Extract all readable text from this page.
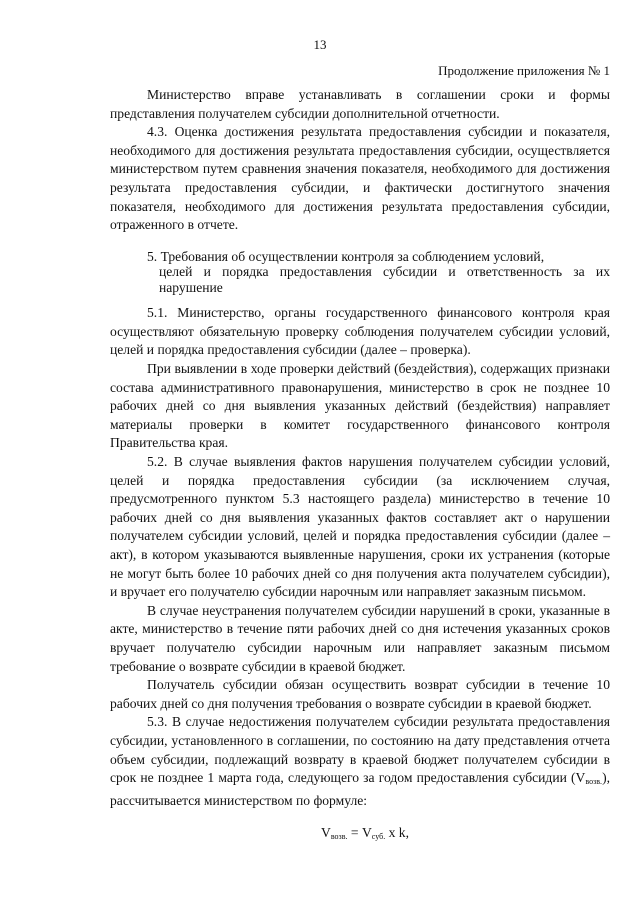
13
Продолжение приложения № 1

Министерство вправе устанавливать в соглашении сроки и формы представления получателем субсидии дополнительной отчетности.

4.3. Оценка достижения результата предоставления субсидии и показателя, необходимого для достижения результата предоставления субсидии, осуществляется министерством путем сравнения значения показателя, необходимого для достижения результата предоставления субсидии, и фактически достигнутого значения показателя, необходимого для достижения результата предоставления субсидии, отраженного в отчете.

5. Требования об осуществлении контроля за соблюдением условий,
целей и порядка предоставления субсидии и ответственность за их нарушение

5.1. Министерство, органы государственного финансового контроля края осуществляют обязательную проверку соблюдения получателем субсидии условий, целей и порядка предоставления субсидии (далее – проверка).

При выявлении в ходе проверки действий (бездействия), содержащих признаки состава административного правонарушения, министерство в срок не позднее 10 рабочих дней со дня выявления указанных действий (бездействия) направляет материалы проверки в комитет государственного финансового контроля Правительства края.

5.2. В случае выявления фактов нарушения получателем субсидии условий, целей и порядка предоставления субсидии (за исключением случая, предусмотренного пунктом 5.3 настоящего раздела) министерство в течение 10 рабочих дней со дня выявления указанных фактов составляет акт о нарушении получателем субсидии условий, целей и порядка предоставления субсидии (далее – акт), в котором указываются выявленные нарушения, сроки их устранения (которые не могут быть более 10 рабочих дней со дня получения акта получателем субсидии), и вручает его получателю субсидии нарочным или направляет заказным письмом.

В случае неустранения получателем субсидии нарушений в сроки, указанные в акте, министерство в течение пяти рабочих дней со дня истечения указанных сроков вручает получателю субсидии нарочным или направляет заказным письмом требование о возврате субсидии в краевой бюджет.

Получатель субсидии обязан осуществить возврат субсидии в течение 10 рабочих дней со дня получения требования о возврате субсидии в краевой бюджет.

5.3. В случае недостижения получателем субсидии результата предоставления субсидии, установленного в соглашении, по состоянию на дату представления отчета объем субсидии, подлежащий возврату в краевой бюджет получателем субсидии в срок не позднее 1 марта года, следующего за годом предоставления субсидии $(V_{возв.})$, рассчитывается министерством по формуле:

$V_{возв.} = V_{суб.}$ x k,
